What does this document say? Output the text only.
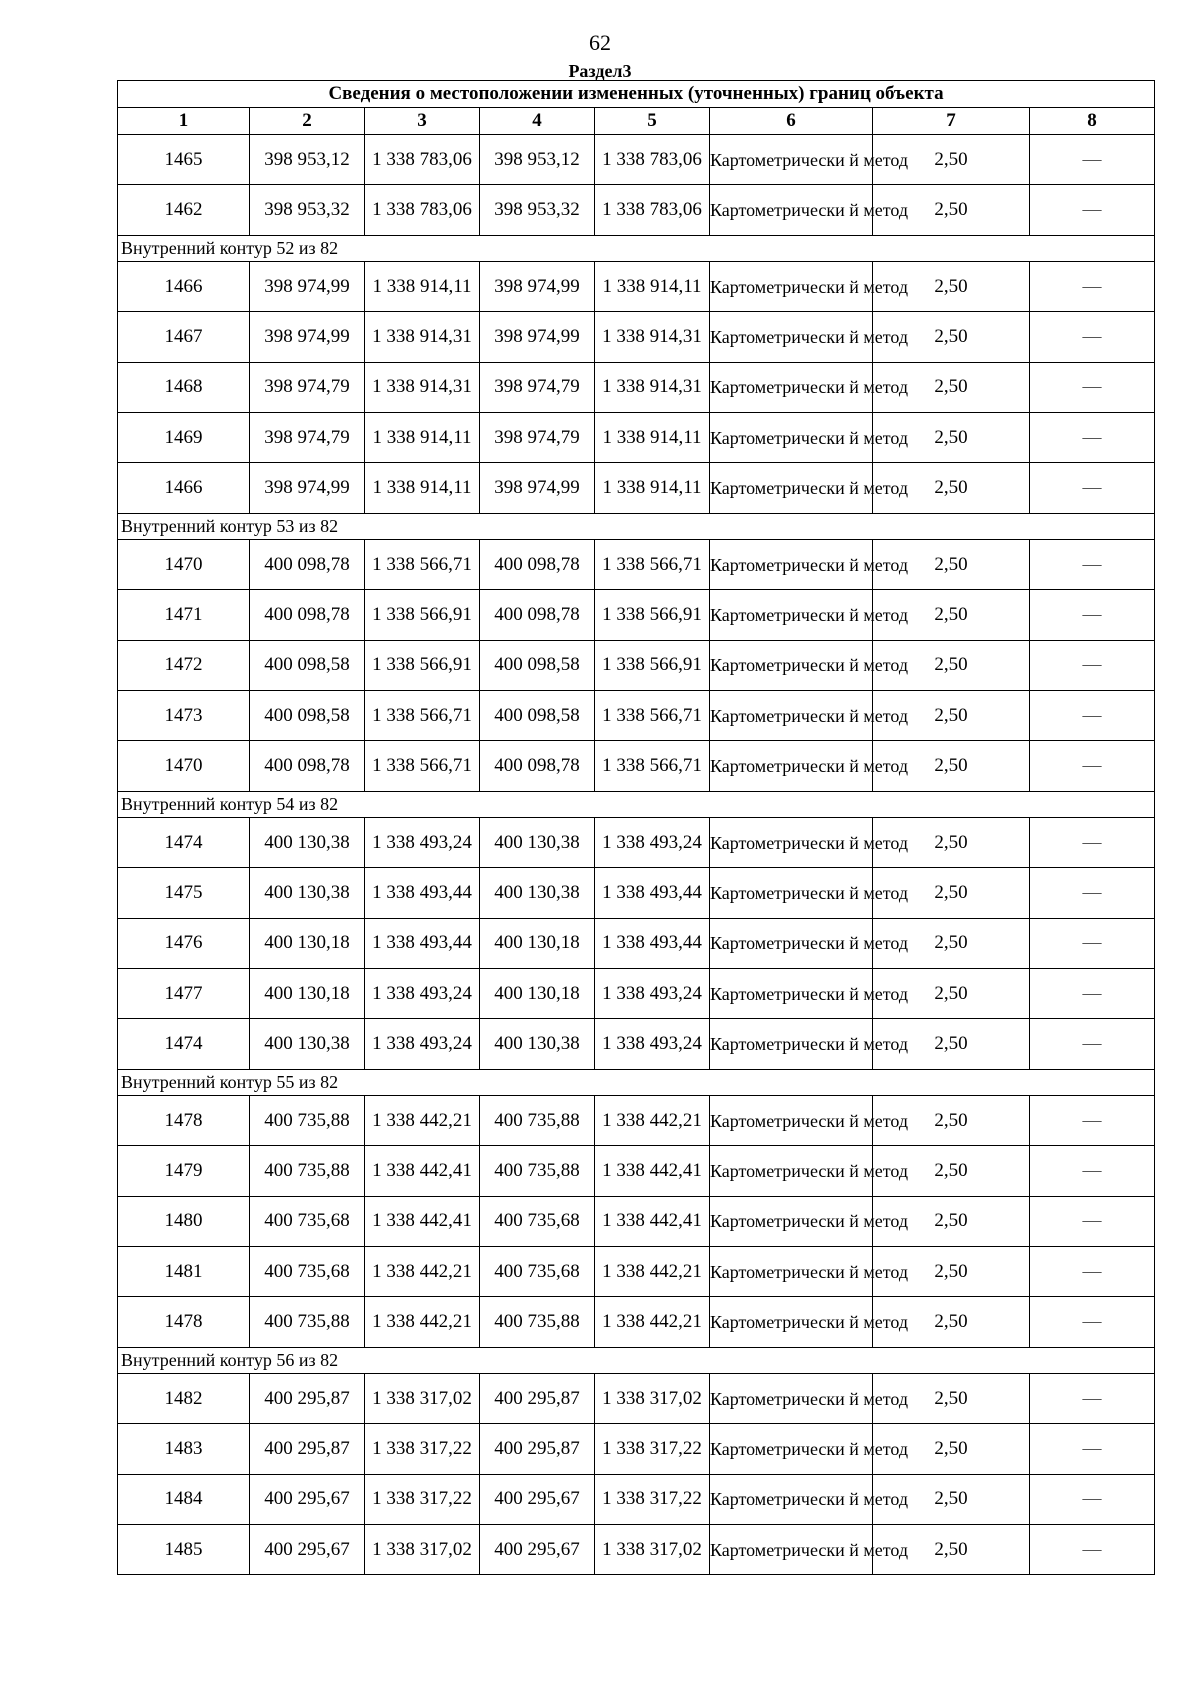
62
Раздел3
Сведения о местоположении измененных (уточненных) границ объекта							
1	2	3	4	5	6	7	8
1465	398 953,12	1 338 783,06	398 953,12	1 338 783,06	Картометрически й метод	2,50	—
1462	398 953,32	1 338 783,06	398 953,32	1 338 783,06	Картометрически й метод	2,50	—
Внутренний контур 52 из 82							
1466	398 974,99	1 338 914,11	398 974,99	1 338 914,11	Картометрически й метод	2,50	—
1467	398 974,99	1 338 914,31	398 974,99	1 338 914,31	Картометрически й метод	2,50	—
1468	398 974,79	1 338 914,31	398 974,79	1 338 914,31	Картометрически й метод	2,50	—
1469	398 974,79	1 338 914,11	398 974,79	1 338 914,11	Картометрически й метод	2,50	—
1466	398 974,99	1 338 914,11	398 974,99	1 338 914,11	Картометрически й метод	2,50	—
Внутренний контур 53 из 82							
1470	400 098,78	1 338 566,71	400 098,78	1 338 566,71	Картометрически й метод	2,50	—
1471	400 098,78	1 338 566,91	400 098,78	1 338 566,91	Картометрически й метод	2,50	—
1472	400 098,58	1 338 566,91	400 098,58	1 338 566,91	Картометрически й метод	2,50	—
1473	400 098,58	1 338 566,71	400 098,58	1 338 566,71	Картометрически й метод	2,50	—
1470	400 098,78	1 338 566,71	400 098,78	1 338 566,71	Картометрически й метод	2,50	—
Внутренний контур 54 из 82							
1474	400 130,38	1 338 493,24	400 130,38	1 338 493,24	Картометрически й метод	2,50	—
1475	400 130,38	1 338 493,44	400 130,38	1 338 493,44	Картометрически й метод	2,50	—
1476	400 130,18	1 338 493,44	400 130,18	1 338 493,44	Картометрически й метод	2,50	—
1477	400 130,18	1 338 493,24	400 130,18	1 338 493,24	Картометрически й метод	2,50	—
1474	400 130,38	1 338 493,24	400 130,38	1 338 493,24	Картометрически й метод	2,50	—
Внутренний контур 55 из 82							
1478	400 735,88	1 338 442,21	400 735,88	1 338 442,21	Картометрически й метод	2,50	—
1479	400 735,88	1 338 442,41	400 735,88	1 338 442,41	Картометрически й метод	2,50	—
1480	400 735,68	1 338 442,41	400 735,68	1 338 442,41	Картометрически й метод	2,50	—
1481	400 735,68	1 338 442,21	400 735,68	1 338 442,21	Картометрически й метод	2,50	—
1478	400 735,88	1 338 442,21	400 735,88	1 338 442,21	Картометрически й метод	2,50	—
Внутренний контур 56 из 82							
1482	400 295,87	1 338 317,02	400 295,87	1 338 317,02	Картометрически й метод	2,50	—
1483	400 295,87	1 338 317,22	400 295,87	1 338 317,22	Картометрически й метод	2,50	—
1484	400 295,67	1 338 317,22	400 295,67	1 338 317,22	Картометрически й метод	2,50	—
1485	400 295,67	1 338 317,02	400 295,67	1 338 317,02	Картометрически й метод	2,50	—
